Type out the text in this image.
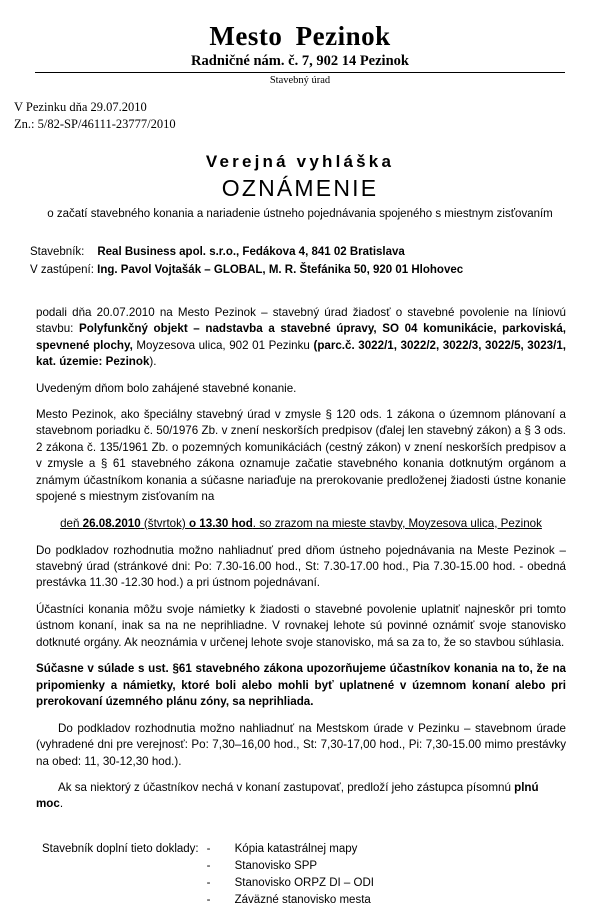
Mesto Pezinok
Radničné nám. č. 7, 902 14 Pezinok
Stavebný úrad
V Pezinku dňa 29.07.2010
Zn.: 5/82-SP/46111-23777/2010
Verejná vyhláška
OZNÁMENIE
o začatí stavebného konania a nariadenie ústneho pojednávania spojeného s miestnym zisťovaním
Stavebník: Real Business apol. s.r.o., Fedákova 4, 841 02 Bratislava
V zastúpení: Ing. Pavol Vojtašák – GLOBAL, M. R. Štefánika 50, 920 01 Hlohovec

podali dňa 20.07.2010 na Mesto Pezinok – stavebný úrad žiadosť o stavebné povolenie na líniovú stavbu: Polyfunkčný objekt – nadstavba a stavebné úpravy, SO 04 komunikácie, parkoviská, spevnené plochy, Moyzesova ulica, 902 01 Pezinku (parc.č. 3022/1, 3022/2, 3022/3, 3022/5, 3023/1, kat. územie: Pezinok).

Uvedeným dňom bolo zahájené stavebné konanie.

Mesto Pezinok, ako špeciálny stavebný úrad v zmysle § 120 ods. 1 zákona o územnom plánovaní a stavebnom poriadku č. 50/1976 Zb. v znení neskorších predpisov (ďalej len stavebný zákon) a § 3 ods. 2 zákona č. 135/1961 Zb. o pozemných komunikáciách (cestný zákon) v znení neskorších predpisov a v zmysle a § 61 stavebného zákona oznamuje začatie stavebného konania dotknutým orgánom a známym účastníkom konania a súčasne nariaďuje na prerokovanie predloženej žiadosti ústne konanie spojené s miestnym zisťovaním na

deň 26.08.2010 (štvrtok) o 13.30 hod. so zrazom na mieste stavby, Moyzesova ulica, Pezinok

Do podkladov rozhodnutia možno nahliadnuť pred dňom ústneho pojednávania na Meste Pezinok – stavebný úrad (stránkové dni: Po: 7.30-16.00 hod., St: 7.30-17.00 hod., Pia 7.30-15.00 hod. - obedná prestávka 11.30 -12.30 hod.) a pri ústnom pojednávaní.

Účastníci konania môžu svoje námietky k žiadosti o stavebné povolenie uplatniť najneskôr pri tomto ústnom konaní, inak sa na ne neprihliadne. V rovnakej lehote sú povinné oznámiť svoje stanovisko dotknuté orgány. Ak neoznámia v určenej lehote svoje stanovisko, má sa za to, že so stavbou súhlasia.

Súčasne v súlade s ust. §61 stavebného zákona upozorňujeme účastníkov konania na to, že na pripomienky a námietky, ktoré boli alebo mohli byť uplatnené v územnom konaní alebo pri prerokovaní územného plánu zóny, sa neprihliada.

Do podkladov rozhodnutia možno nahliadnuť na Mestskom úrade v Pezinku – stavebnom úrade (vyhradené dni pre verejnosť: Po: 7,30–16,00 hod., St: 7,30-17,00 hod., Pi: 7,30-15.00 mimo prestávky na obed: 11, 30-12,30 hod.).

Ak sa niektorý z účastníkov nechá v konaní zastupovať, predloží jeho zástupca písomnú plnú moc.

Stavebník doplní tieto doklady:	-	Kópia katastrálnej mapy
	-	Stanovisko SPP
	-	Stanovisko ORPZ DI – ODI
	-	Záväzné stanovisko mesta
